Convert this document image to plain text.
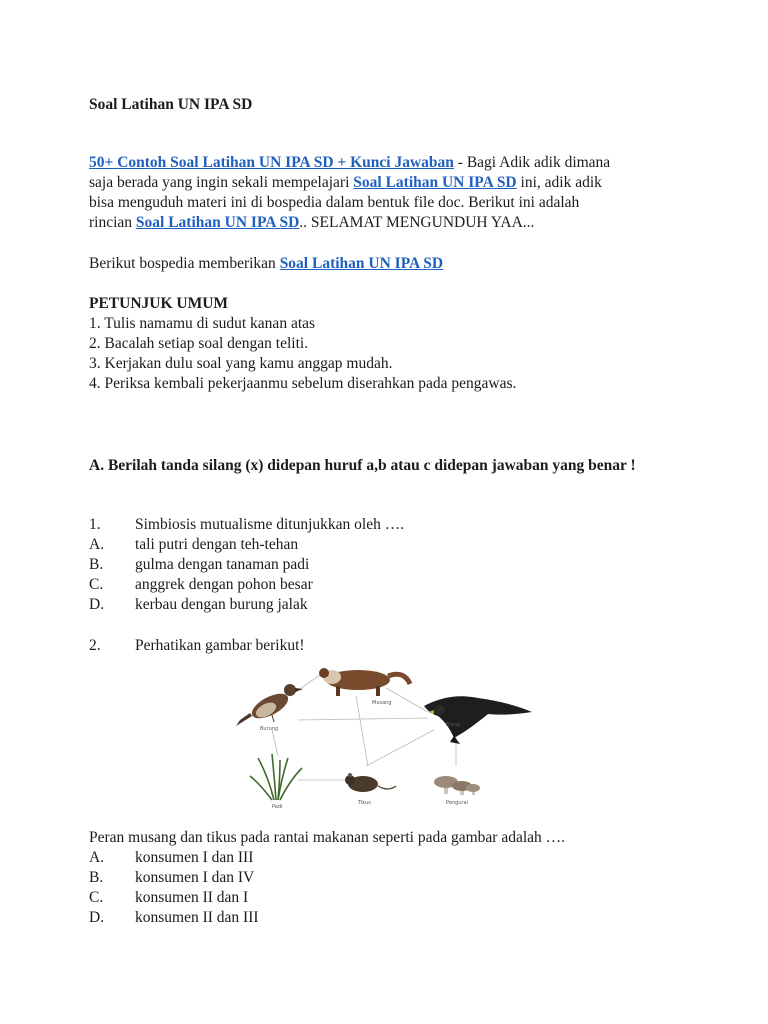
Soal Latihan UN IPA SD

50+ Contoh Soal Latihan UN IPA SD + Kunci Jawaban - Bagi Adik adik dimana

saja berada yang ingin sekali mempelajari Soal Latihan UN IPA SD ini, adik adik

bisa menguduh materi ini di bospedia dalam bentuk file doc. Berikut ini adalah

rincian Soal Latihan UN IPA SD.. SELAMAT MENGUNDUH YAA...

Berikut bospedia memberikan Soal Latihan UN IPA SD

PETUNJUK UMUM
1. Tulis namamu di sudut kanan atas
2. Bacalah setiap soal dengan teliti.
3. Kerjakan dulu soal yang kamu anggap mudah.
4. Periksa kembali pekerjaanmu sebelum diserahkan pada pengawas.
A. Berilah tanda silang (x) didepan huruf a,b atau c didepan jawaban yang benar !
1.	Simbiosis mutualisme ditunjukkan oleh ….
A.	tali putri dengan teh-tehan
B.	gulma dengan tanaman padi
C.	anggrek dengan pohon besar
D.	kerbau dengan burung jalak
2.	Perhatikan gambar berikut!
Burung
Musang
Elang
Padi
Tikus	Pengurai
Peran musang dan tikus pada rantai makanan seperti pada gambar adalah ….
A.	konsumen I dan III
B.	konsumen I dan IV
C.	konsumen II dan I
D.	konsumen II dan III
